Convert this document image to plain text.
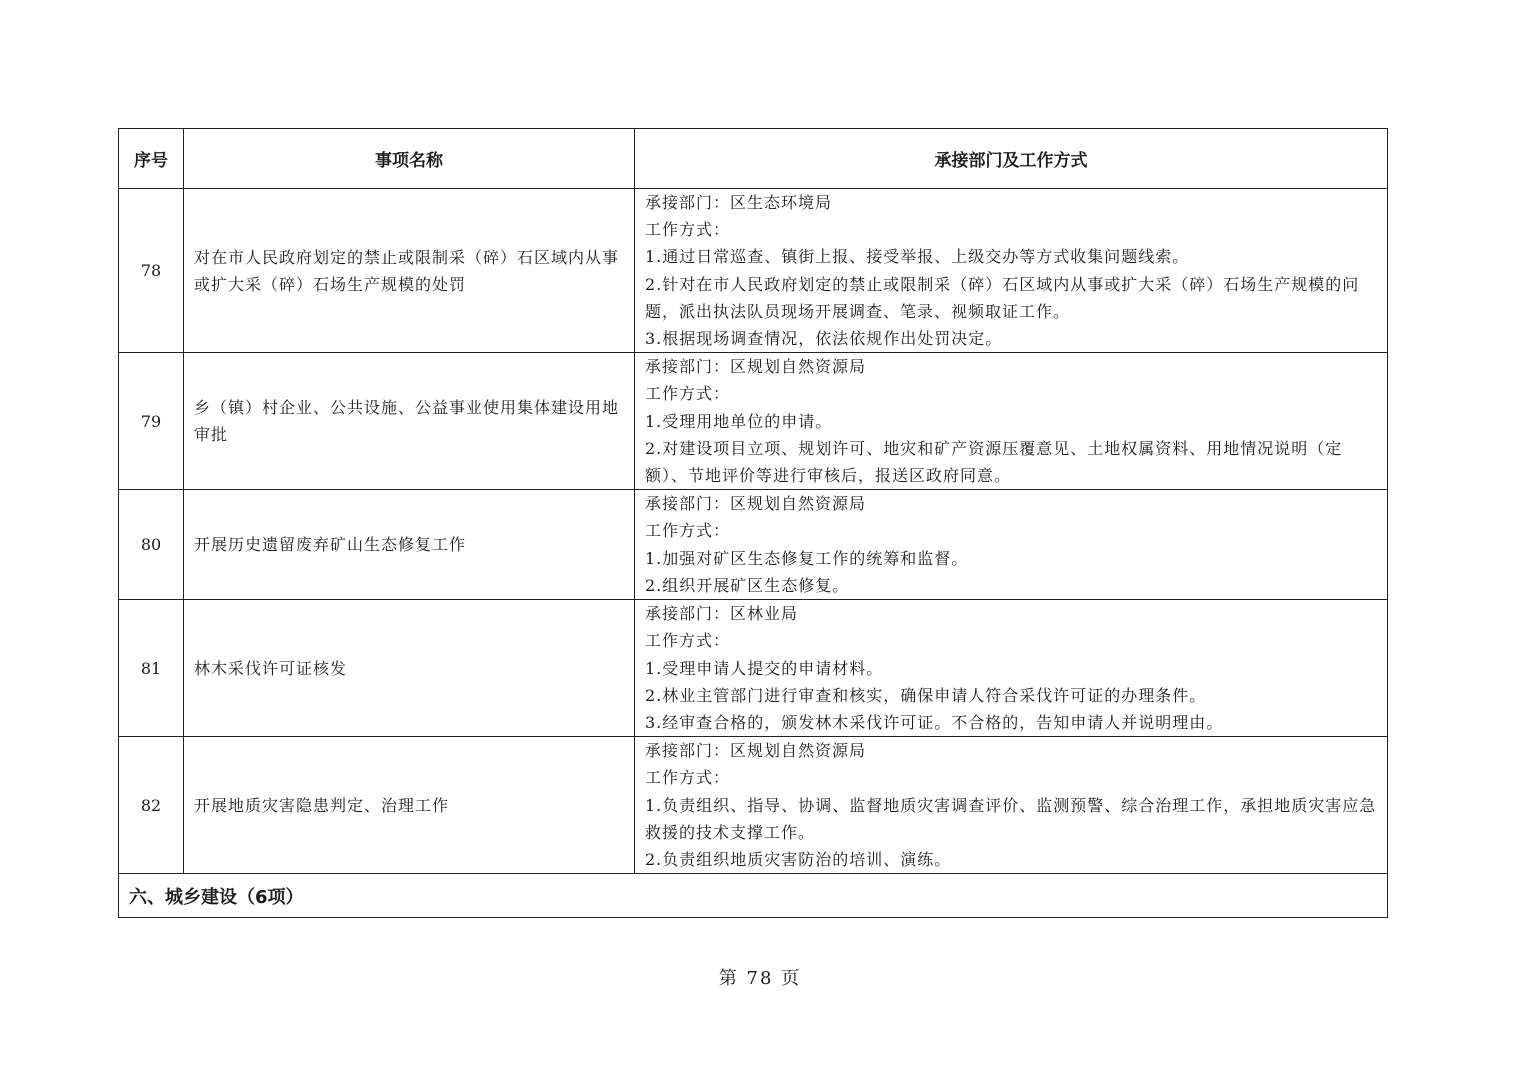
序号	事项名称	承接部门及工作方式
78	对在市人民政府划定的禁止或限制采（碎）石区域内从事或扩大采（碎）石场生产规模的处罚	承接部门：区生态环境局
工作方式：
1.通过日常巡查、镇街上报、接受举报、上级交办等方式收集问题线索。
2.针对在市人民政府划定的禁止或限制采（碎）石区域内从事或扩大采（碎）石场生产规模的问题，派出执法队员现场开展调查、笔录、视频取证工作。
3.根据现场调查情况，依法依规作出处罚决定。

79	乡（镇）村企业、公共设施、公益事业使用集体建设用地审批	承接部门：区规划自然资源局
工作方式：
1.受理用地单位的申请。
2.对建设项目立项、规划许可、地灾和矿产资源压覆意见、土地权属资料、用地情况说明（定额）、节地评价等进行审核后，报送区政府同意。

80	开展历史遗留废弃矿山生态修复工作	承接部门：区规划自然资源局
工作方式：
1.加强对矿区生态修复工作的统筹和监督。
2.组织开展矿区生态修复。

81	林木采伐许可证核发	承接部门：区林业局
工作方式：
1.受理申请人提交的申请材料。
2.林业主管部门进行审查和核实，确保申请人符合采伐许可证的办理条件。
3.经审查合格的，颁发林木采伐许可证。不合格的，告知申请人并说明理由。

82	开展地质灾害隐患判定、治理工作	承接部门：区规划自然资源局
工作方式：
1.负责组织、指导、协调、监督地质灾害调查评价、监测预警、综合治理工作，承担地质灾害应急救援的技术支撑工作。
2.负责组织地质灾害防治的培训、演练。

六、城乡建设（6项）		
第 78 页
